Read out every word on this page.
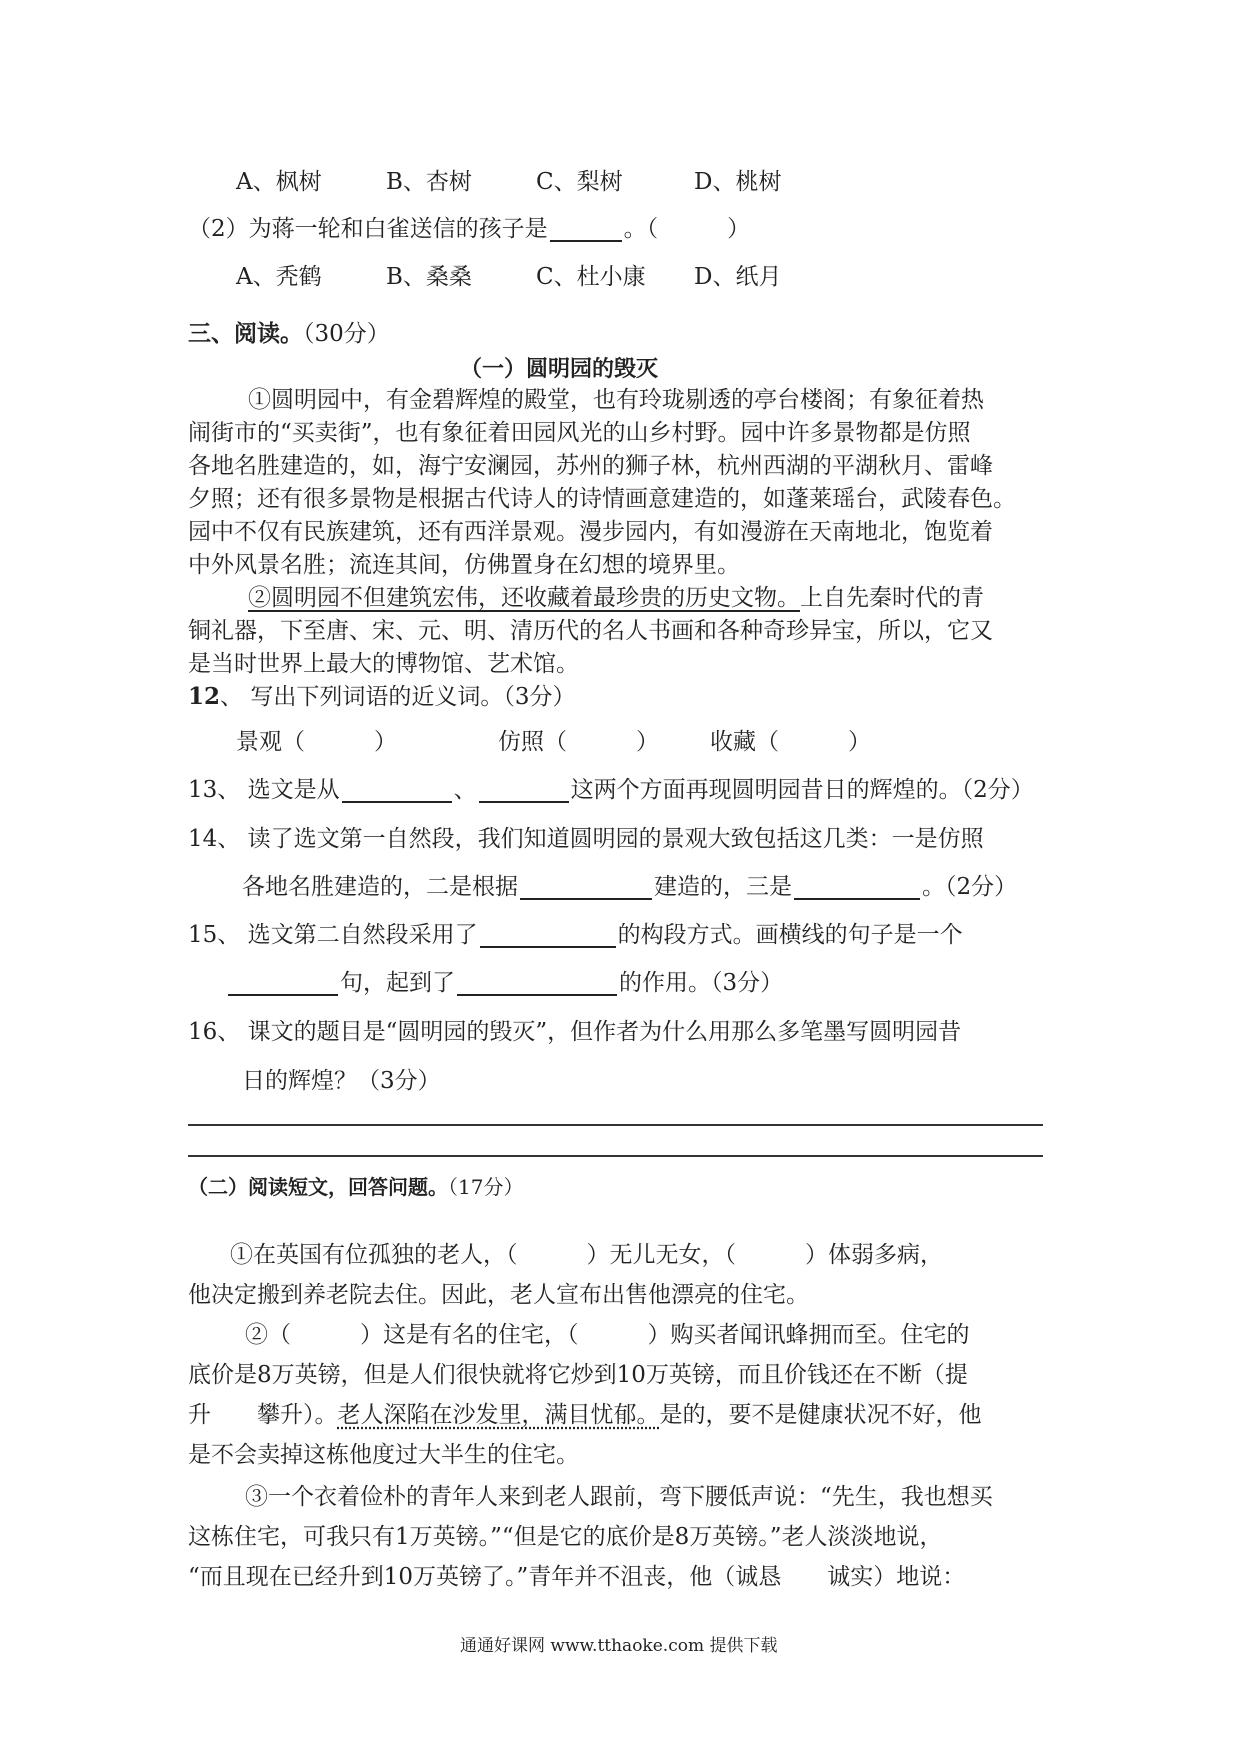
A、枫树	B、杏树	C、梨树	D、桃树
（2）为蒋一轮和白雀送信的孩子是	。（　　　）
A、秃鹤	B、桑桑	C、杜小康 D、纸月
三、阅读。（30分）
（一）圆明园的毁灭
①圆明园中，有金碧辉煌的殿堂，也有玲珑剔透的亭台楼阁；有象征着热
闹街市的“买卖街”，也有象征着田园风光的山乡村野。园中许多景物都是仿照
各地名胜建造的，如，海宁安澜园，苏州的狮子林，杭州西湖的平湖秋月、雷峰
夕照；还有很多景物是根据古代诗人的诗情画意建造的，如蓬莱瑶台，武陵春色。
园中不仅有民族建筑，还有西洋景观。漫步园内，有如漫游在天南地北，饱览着
中外风景名胜；流连其间，仿佛置身在幻想的境界里。
②圆明园不但建筑宏伟，还收藏着最珍贵的历史文物。上自先秦时代的青
铜礼器，下至唐、宋、元、明、清历代的名人书画和各种奇珍异宝，所以，它又
是当时世界上最大的博物馆、艺术馆。
12、 写出下列词语的近义词。（3分）
景观（　　　）	仿照（　　　） 收藏（　　　）
13、 选文是从	、	这两个方面再现圆明园昔日的辉煌的。（2分）
14、 读了选文第一自然段，我们知道圆明园的景观大致包括这几类：一是仿照
各地名胜建造的，二是根据	建造的，三是	。（2分）
15、 选文第二自然段采用了	的构段方式。画横线的句子是一个
句，起到了	的作用。（3分）
16、 课文的题目是“圆明园的毁灭”，但作者为什么用那么多笔墨写圆明园昔
日的辉煌？（3分）
（二）阅读短文，回答问题。（17分）
①在英国有位孤独的老人，（　　　）无儿无女，（　　　）体弱多病，
他决定搬到养老院去住。因此，老人宣布出售他漂亮的住宅。
②（　　　）这是有名的住宅，（　　　）购买者闻讯蜂拥而至。住宅的
底价是8万英镑，但是人们很快就将它炒到10万英镑，而且价钱还在不断（提
升　　攀升）。老人深陷在沙发里，满目忧郁。是的，要不是健康状况不好，他
是不会卖掉这栋他度过大半生的住宅。
③一个衣着俭朴的青年人来到老人跟前，弯下腰低声说：“先生，我也想买
这栋住宅，可我只有1万英镑。”“但是它的底价是8万英镑。”老人淡淡地说，
“而且现在已经升到10万英镑了。”青年并不沮丧，他（诚恳　　诚实）地说：
通通好课网 www.tthaoke.com 提供下载
